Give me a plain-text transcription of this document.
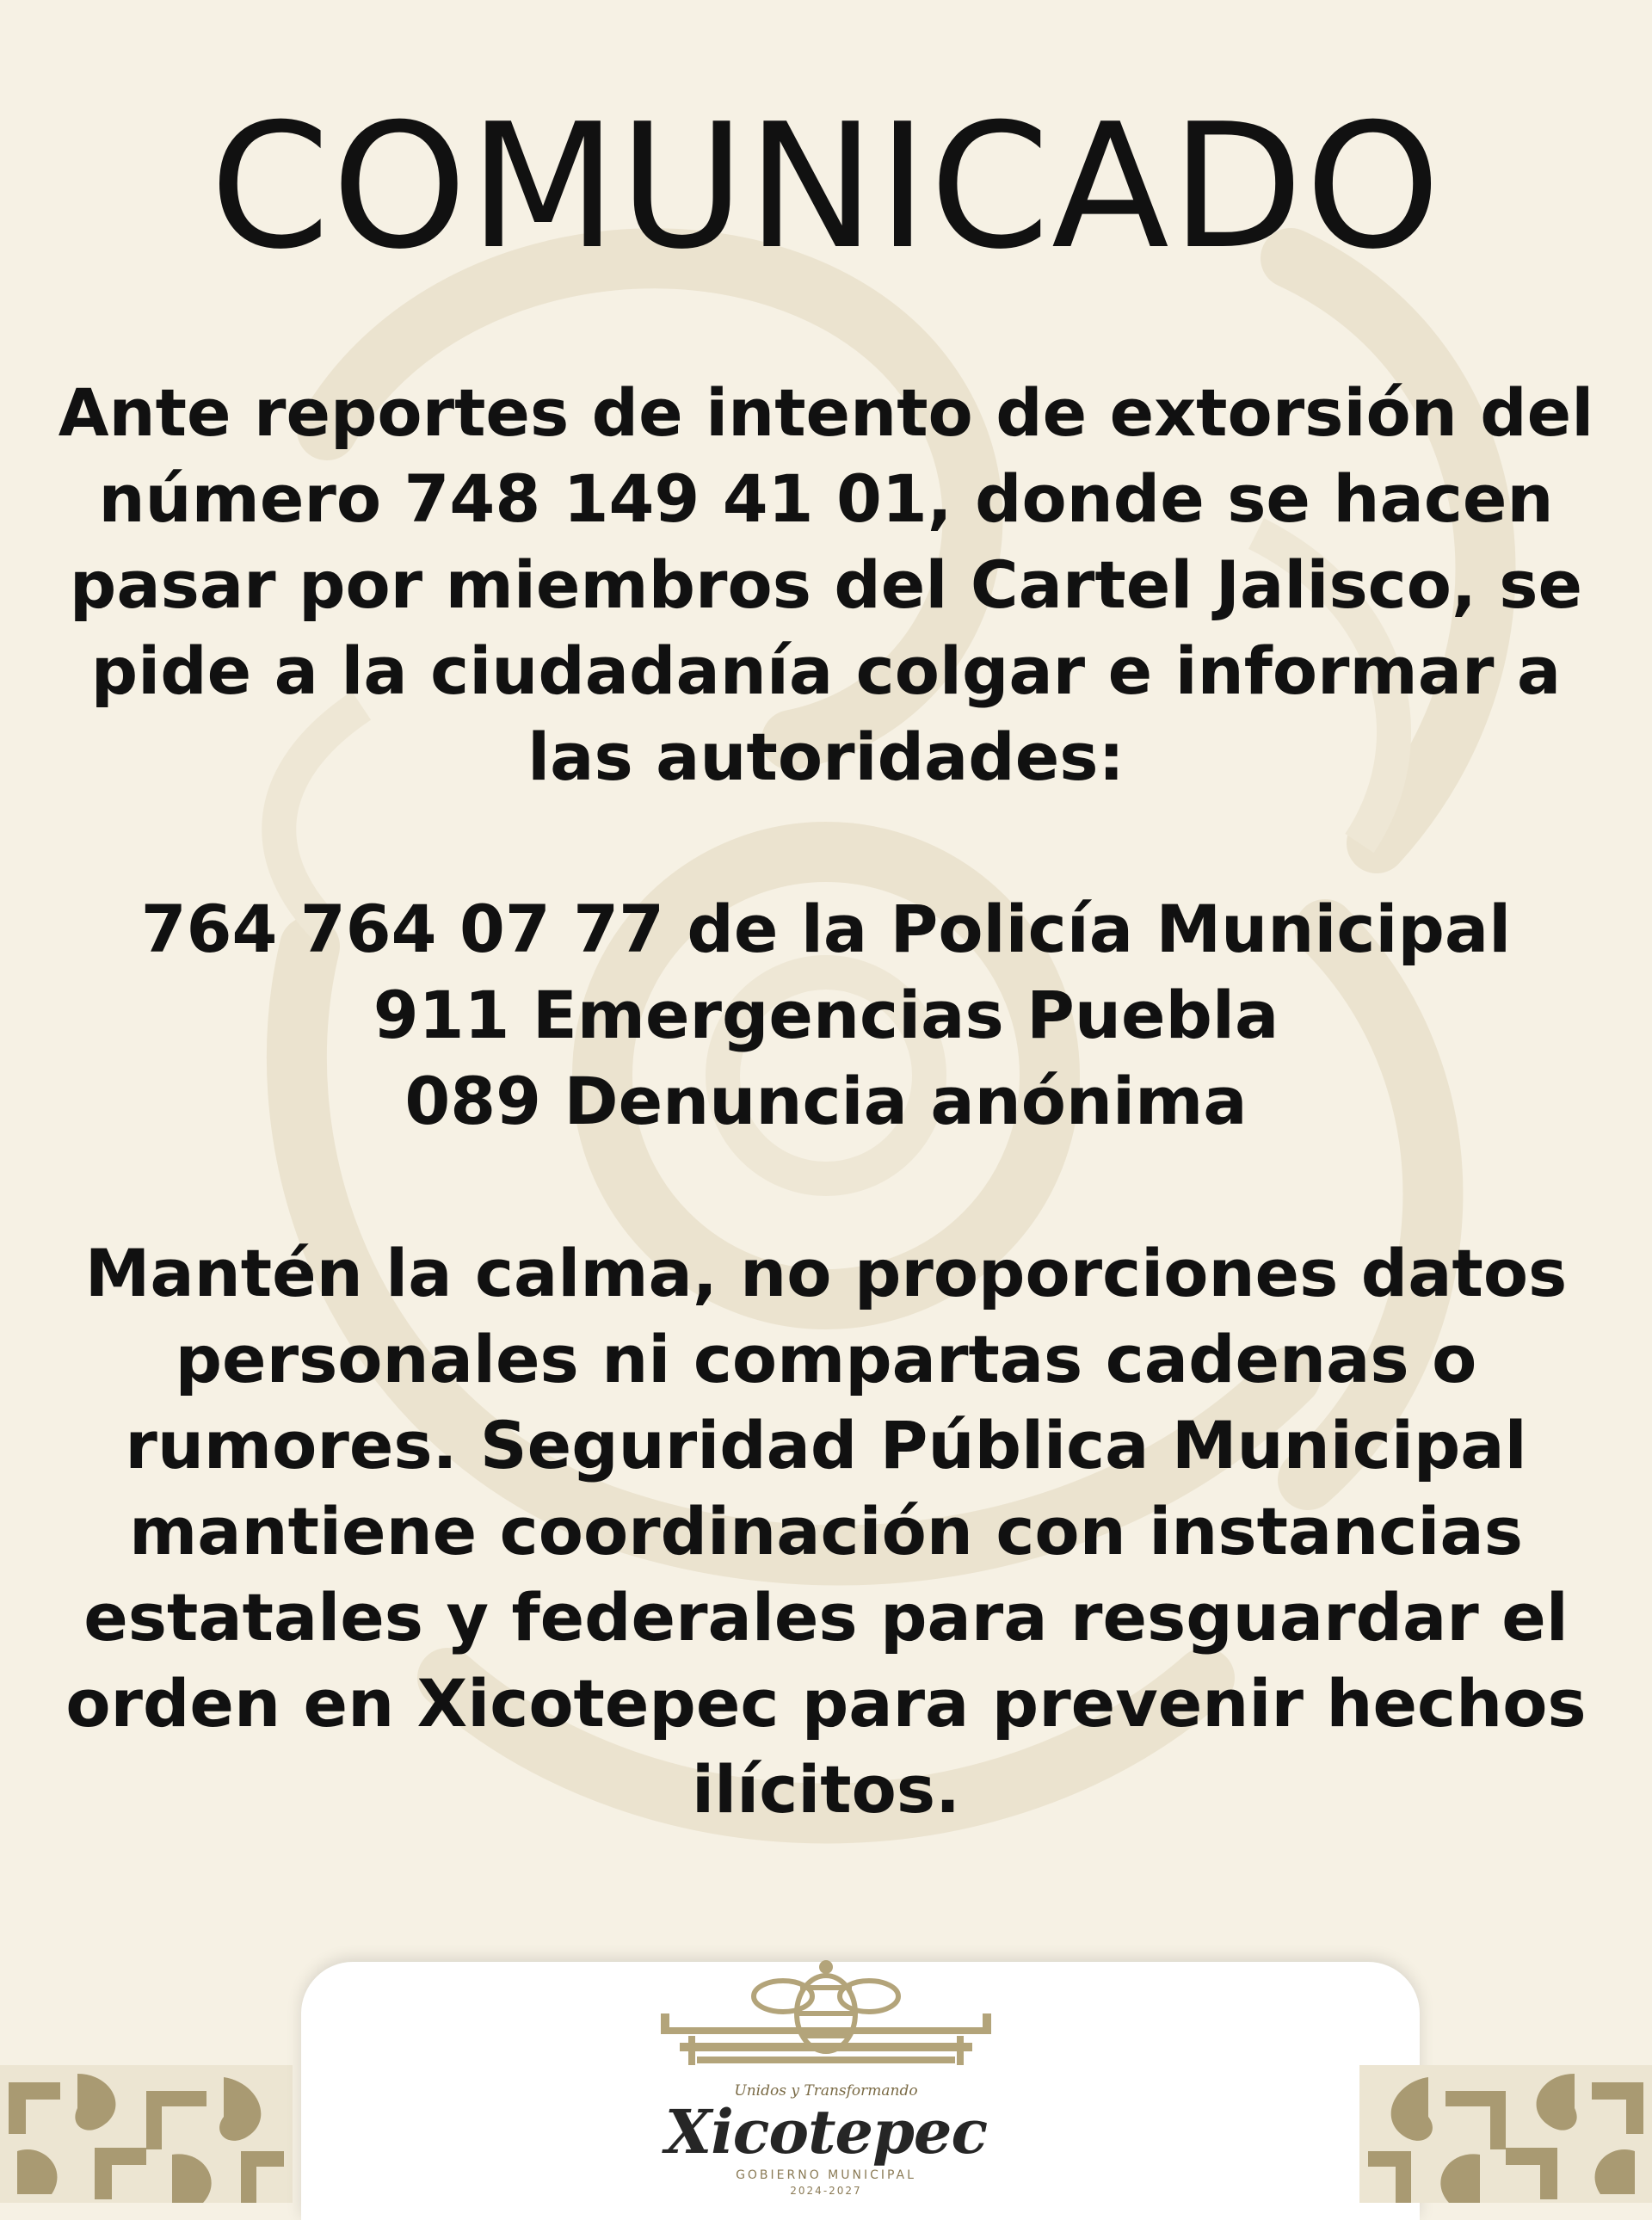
COMUNICADO
Ante reportes de intento de extorsión del
número 748 149 41 01, donde se hacen
pasar por miembros del Cartel Jalisco, se
pide a la ciudadanía colgar e informar a
las autoridades:
764 764 07 77 de la Policía Municipal
911 Emergencias Puebla
089 Denuncia anónima
Mantén la calma, no proporciones datos
personales ni compartas cadenas o
rumores. Seguridad Pública Municipal
mantiene coordinación con instancias
estatales y federales para resguardar el
orden en Xicotepec para prevenir hechos
ilícitos.
Unidos y Transformando
Xicotepec
GOBIERNO MUNICIPAL
2024-2027
